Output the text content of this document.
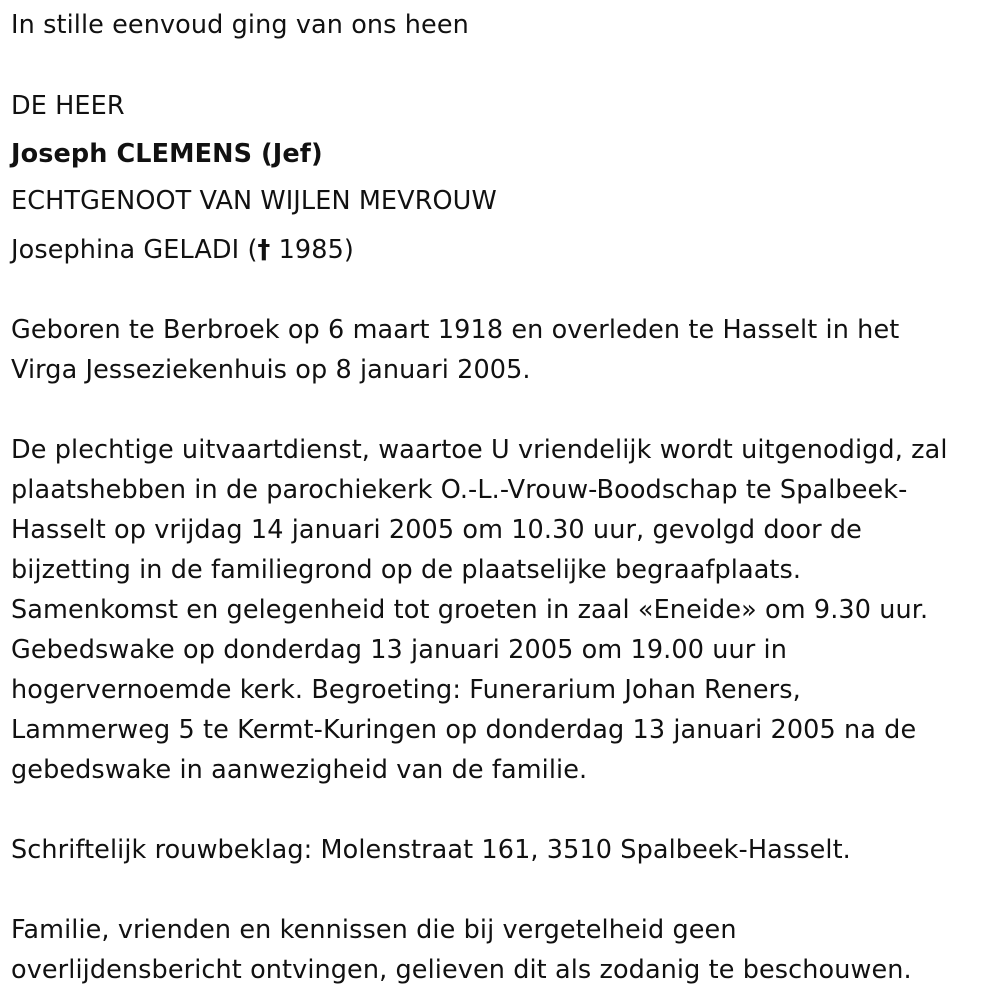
In stille eenvoud ging van ons heen
DE HEER
Joseph CLEMENS (Jef)
ECHTGENOOT VAN WIJLEN MEVROUW
Josephina GELADI († 1985)
Geboren te Berbroek op 6 maart 1918 en overleden te Hasselt in het
Virga Jesseziekenhuis op 8 januari 2005.
De plechtige uitvaartdienst, waartoe U vriendelijk wordt uitgenodigd, zal
plaatshebben in de parochiekerk O.-L.-Vrouw-Boodschap te Spalbeek-
Hasselt op vrijdag 14 januari 2005 om 10.30 uur, gevolgd door de
bijzetting in de familiegrond op de plaatselijke begraafplaats.
Samenkomst en gelegenheid tot groeten in zaal «Eneide» om 9.30 uur.
Gebedswake op donderdag 13 januari 2005 om 19.00 uur in
hogervernoemde kerk. Begroeting: Funerarium Johan Reners,
Lammerweg 5 te Kermt-Kuringen op donderdag 13 januari 2005 na de
gebedswake in aanwezigheid van de familie.
Schriftelijk rouwbeklag: Molenstraat 161, 3510 Spalbeek-Hasselt.
Familie, vrienden en kennissen die bij vergetelheid geen
overlijdensbericht ontvingen, gelieven dit als zodanig te beschouwen.
